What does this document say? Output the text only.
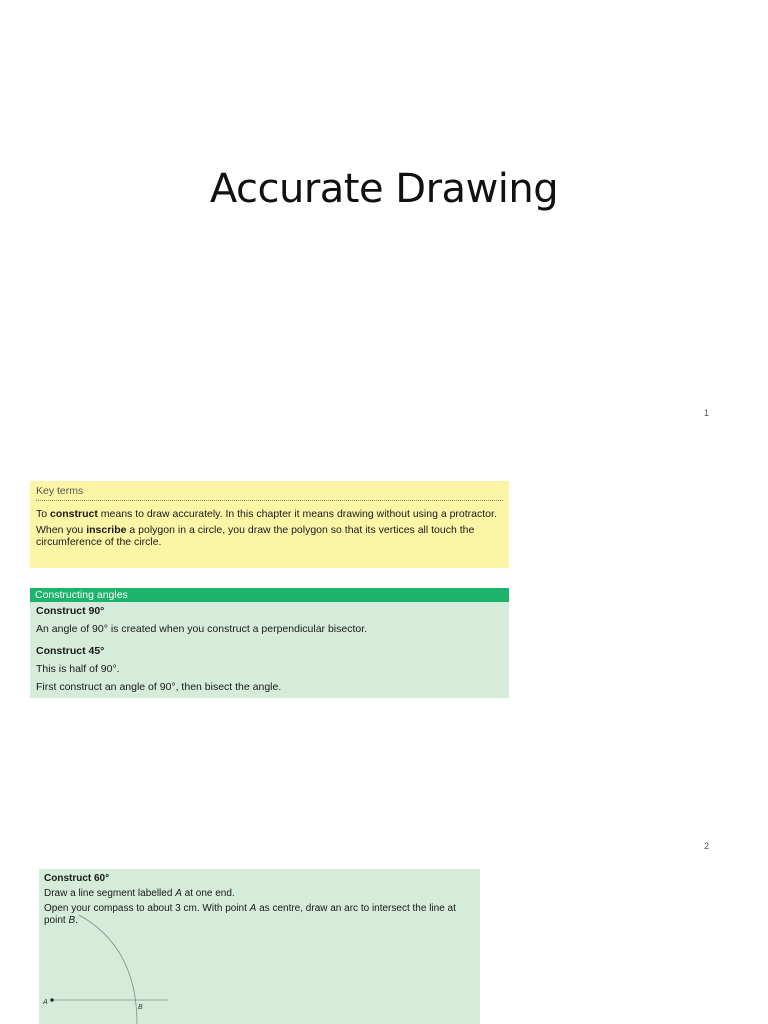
Accurate Drawing
1
Key terms

To construct means to draw accurately. In this chapter it means drawing without using a protractor.

When you inscribe a polygon in a circle, you draw the polygon so that its vertices all touch the circumference of the circle.

Constructing angles

Construct 90°

An angle of 90° is created when you construct a perpendicular bisector.

Construct 45°

This is half of 90°.

First construct an angle of 90°, then bisect the angle.

2
A
B

Construct 60°

Draw a line segment labelled A at one end.

Open your compass to about 3 cm. With point A as centre, draw an arc to intersect the line at point B.
